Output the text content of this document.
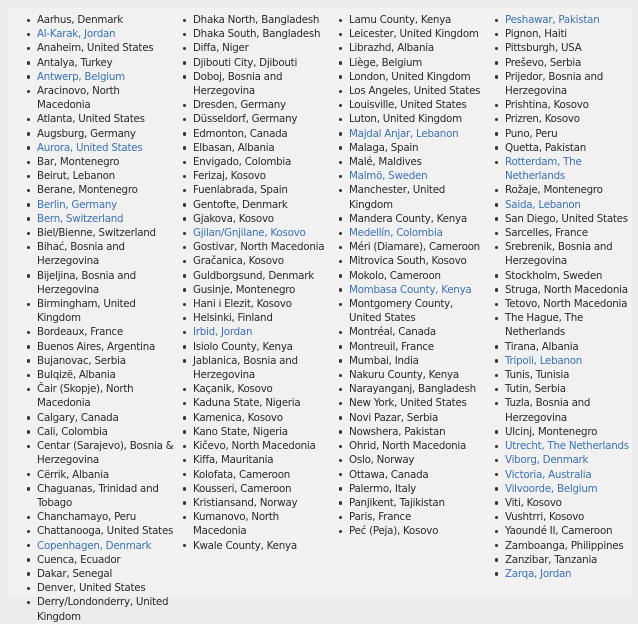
Aarhus, Denmark
Al-Karak, Jordan
Anaheim, United States
Antalya, Turkey
Antwerp, Belgium
Aracinovo, North Macedonia
Atlanta, United States
Augsburg, Germany
Aurora, United States
Bar, Montenegro
Beirut, Lebanon
Berane, Montenegro
Berlin, Germany
Bern, Switzerland
Biel/Bienne, Switzerland
Bihać, Bosnia and Herzegovina
Bijeljina, Bosnia and Herzegovina
Birmingham, United Kingdom
Bordeaux, France
Buenos Aires, Argentina
Bujanovac, Serbia
Bulqizë, Albania
Čair (Skopje), North Macedonia
Calgary, Canada
Cali, Colombia
Centar (Sarajevo), Bosnia & Herzegovina
Cërrik, Albania
Chaguanas, Trinidad and Tobago
Chanchamayo, Peru
Chattanooga, United States
Copenhagen, Denmark
Cuenca, Ecuador
Dakar, Senegal
Denver, United States
Derry/Londonderry, United Kingdom
Dhaka North, Bangladesh
Dhaka South, Bangladesh
Diffa, Niger
Djibouti City, Djibouti
Doboj, Bosnia and Herzegovina
Dresden, Germany
Düsseldorf, Germany
Edmonton, Canada
Elbasan, Albania
Envigado, Colombia
Ferizaj, Kosovo
Fuenlabrada, Spain
Gentofte, Denmark
Gjakova, Kosovo
Gjilan/Gnjilane, Kosovo
Gostivar, North Macedonia
Gračanica, Kosovo
Guldborgsund, Denmark
Gusinje, Montenegro
Hani i Elezit, Kosovo
Helsinki, Finland
Irbid, Jordan
Isiolo County, Kenya
Jablanica, Bosnia and Herzegovina
Kaçanik, Kosovo
Kaduna State, Nigeria
Kamenica, Kosovo
Kano State, Nigeria
Kičevo, North Macedonia
Kiffa, Mauritania
Kolofata, Cameroon
Kousseri, Cameroon
Kristiansand, Norway
Kumanovo, North Macedonia
Kwale County, Kenya
Lamu County, Kenya
Leicester, United Kingdom
Librazhd, Albania
Liège, Belgium
London, United Kingdom
Los Angeles, United States
Louisville, United States
Luton, United Kingdom
Majdal Anjar, Lebanon
Malaga, Spain
Malé, Maldives
Malmö, Sweden
Manchester, United Kingdom
Mandera County, Kenya
Medellín, Colombia
Méri (Diamare), Cameroon
Mitrovica South, Kosovo
Mokolo, Cameroon
Mombasa County, Kenya
Montgomery County, United States
Montréal, Canada
Montreuil, France
Mumbai, India
Nakuru County, Kenya
Narayanganj, Bangladesh
New York, United States
Novi Pazar, Serbia
Nowshera, Pakistan
Ohrid, North Macedonia
Oslo, Norway
Ottawa, Canada
Palermo, Italy
Panjikent, Tajikistan
Paris, France
Peć (Peja), Kosovo
Peshawar, Pakistan
Pignon, Haiti
Pittsburgh, USA
Preševo, Serbia
Prijedor, Bosnia and Herzegovina
Prishtina, Kosovo
Prizren, Kosovo
Puno, Peru
Quetta, Pakistan
Rotterdam, The Netherlands
Rožaje, Montenegro
Saida, Lebanon
San Diego, United States
Sarcelles, France
Srebrenik, Bosnia and Herzegovina
Stockholm, Sweden
Struga, North Macedonia
Tetovo, North Macedonia
The Hague, The Netherlands
Tirana, Albania
Tripoli, Lebanon
Tunis, Tunisia
Tutin, Serbia
Tuzla, Bosnia and Herzegovina
Ulcinj, Montenegro
Utrecht, The Netherlands
Viborg, Denmark
Victoria, Australia
Vilvoorde, Belgium
Viti, Kosovo
Vushtrri, Kosovo
Yaoundé II, Cameroon
Zamboanga, Philippines
Zanzibar, Tanzania
Zarqa, Jordan
